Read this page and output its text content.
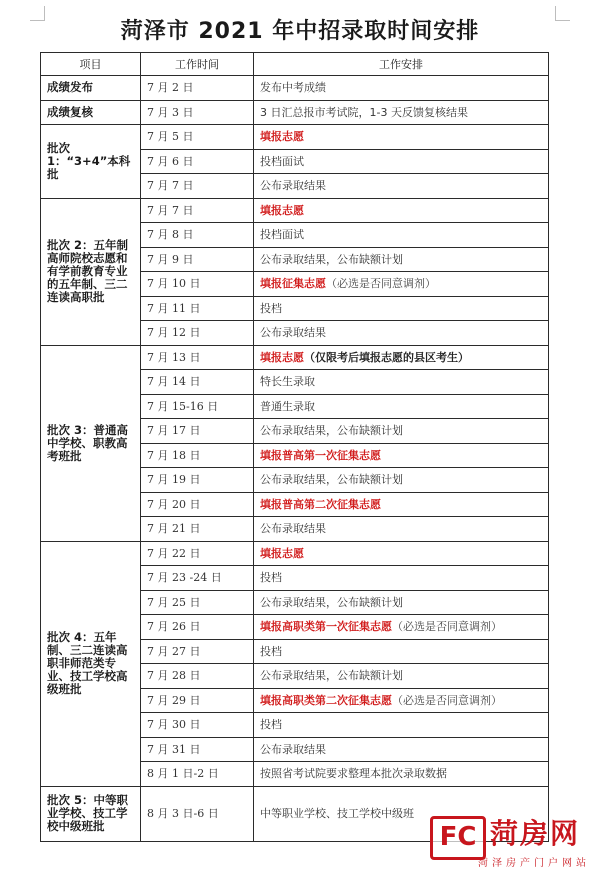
菏泽市 2021 年中招录取时间安排
项目	工作时间	工作安排
成绩发布	7 月 2 日	发布中考成绩
成绩复核	7 月 3 日	3 日汇总报市考试院，1-3 天反馈复核结果
批次 1：“3+4”本科批	7 月 5 日	填报志愿
	7 月 6 日	投档面试
	7 月 7 日	公布录取结果
批次 2：五年制高师院校志愿和有学前教育专业的五年制、三二连读高职批	7 月 7 日	填报志愿
	7 月 8 日	投档面试
	7 月 9 日	公布录取结果，公布缺额计划
	7 月 10 日	填报征集志愿（必选是否同意调剂）
	7 月 11 日	投档
	7 月 12 日	公布录取结果
批次 3：普通高中学校、职教高考班批	7 月 13 日	填报志愿（仅限考后填报志愿的县区考生）
	7 月 14 日	特长生录取
	7 月 15-16 日	普通生录取
	7 月 17 日	公布录取结果，公布缺额计划
	7 月 18 日	填报普高第一次征集志愿
	7 月 19 日	公布录取结果，公布缺额计划
	7 月 20 日	填报普高第二次征集志愿
	7 月 21 日	公布录取结果
批次 4：五年制、三二连读高职非师范类专业、技工学校高级班批	7 月 22 日	填报志愿
	7 月 23 -24 日	投档
	7 月 25 日	公布录取结果，公布缺额计划
	7 月 26 日	填报高职类第一次征集志愿（必选是否同意调剂）
	7 月 27 日	投档
	7 月 28 日	公布录取结果，公布缺额计划
	7 月 29 日	填报高职类第二次征集志愿（必选是否同意调剂）
	7 月 30 日	投档
	7 月 31 日	公布录取结果
	8 月 1 日-2 日	按照省考试院要求整理本批次录取数据
批次 5：中等职业学校、技工学校中级班批	8 月 3 日-6 日	中等职业学校、技工学校中级班
FC 菏房网
菏泽房产门户网站
